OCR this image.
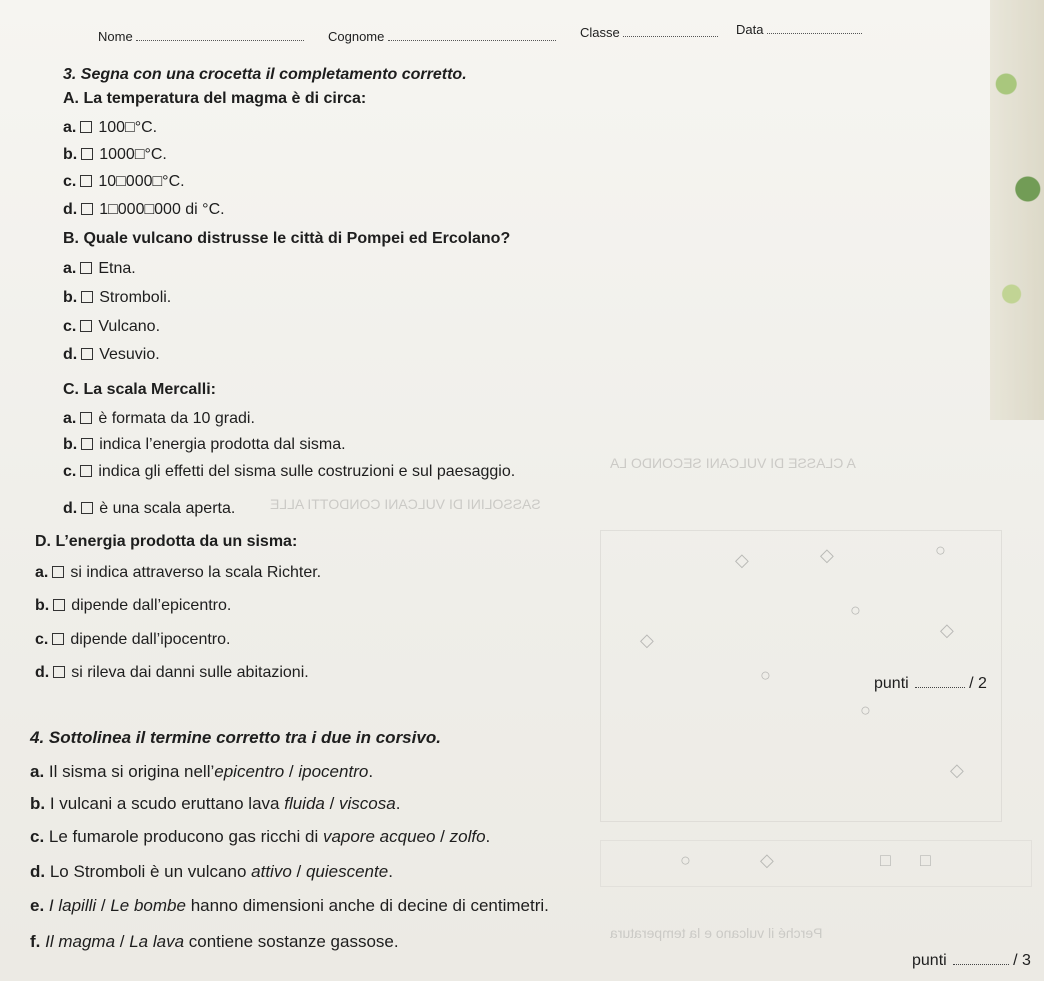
◇	◇	○
○
◇
◇
○
○
◇
○	◇	□ □
Nome	Cognome	Classe	Data
3. Segna con una crocetta il completamento corretto.
A. La temperatura del magma è di circa:
a. 100□°C.
b. 1000□°C.
c. 10□000□°C.
d. 1□000□000 di °C.
B. Quale vulcano distrusse le città di Pompei ed Ercolano?
a. Etna.
b. Stromboli.
c. Vulcano.
d. Vesuvio.
C. La scala Mercalli:
a. è formata da 10 gradi.
b. indica l’energia prodotta dal sisma.
c. indica gli effetti del sisma sulle costruzioni e sul paesaggio.
d. è una scala aperta.
A CLASSE DI VULCANI SECONDO LA
SASSOLINI DI VULCANI CONDOTTI ALLE
D. L’energia prodotta da un sisma:
a. si indica attraverso la scala Richter.
b. dipende dall’epicentro.
c. dipende dall’ipocentro.
d. si rileva dai danni sulle abitazioni.
punti	/ 2
4. Sottolinea il termine corretto tra i due in corsivo.
a. Il sisma si origina nell’epicentro / ipocentro.
b. I vulcani a scudo eruttano lava fluida / viscosa.
c. Le fumarole producono gas ricchi di vapore acqueo / zolfo.
d. Lo Stromboli è un vulcano attivo / quiescente.
e. I lapilli / Le bombe hanno dimensioni anche di decine di centimetri.
f. Il magma / La lava contiene sostanze gassose.	Perché il vulcano e la temperatura
punti	/ 3
